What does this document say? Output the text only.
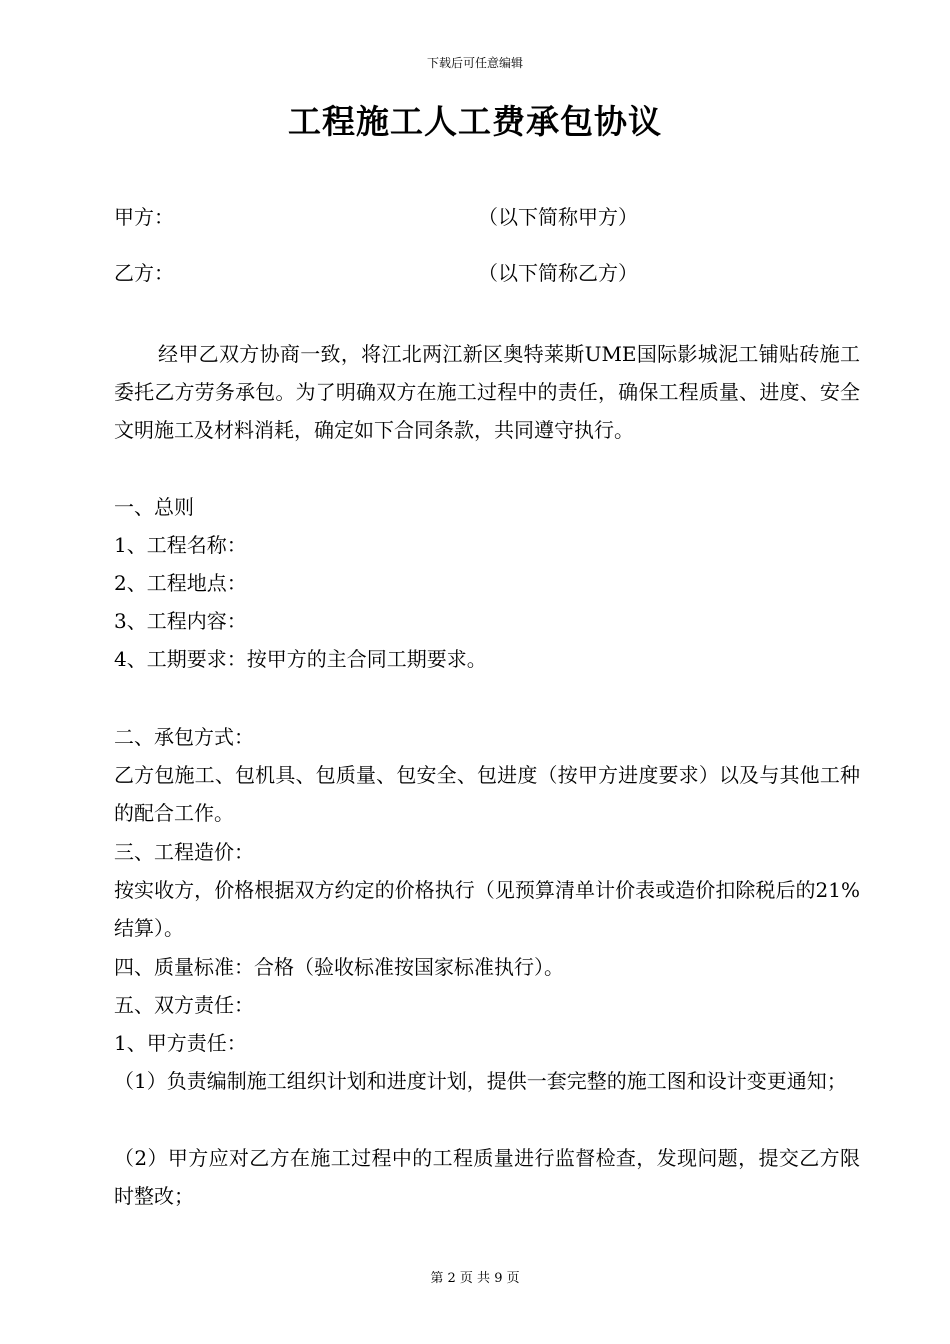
下载后可任意编辑
工程施工人工费承包协议
甲方：	（以下简称甲方）
乙方：	（以下简称乙方）
经甲乙双方协商一致，将江北两江新区奥特莱斯UME国际影城泥工铺贴砖施工委托乙方劳务承包。为了明确双方在施工过程中的责任，确保工程质量、进度、安全文明施工及材料消耗，确定如下合同条款，共同遵守执行。
一、总则
1、工程名称：
2、工程地点：
3、工程内容：
4、工期要求：按甲方的主合同工期要求。
二、承包方式：
乙方包施工、包机具、包质量、包安全、包进度（按甲方进度要求）以及与其他工种的配合工作。
三、工程造价：
按实收方，价格根据双方约定的价格执行（见预算清单计价表或造价扣除税后的21%结算）。
四、质量标准：合格（验收标准按国家标准执行）。
五、双方责任：
1、甲方责任：
（1）负责编制施工组织计划和进度计划，提供一套完整的施工图和设计变更通知；
（2）甲方应对乙方在施工过程中的工程质量进行监督检查，发现问题，提交乙方限时整改；
第 2 页 共 9 页
